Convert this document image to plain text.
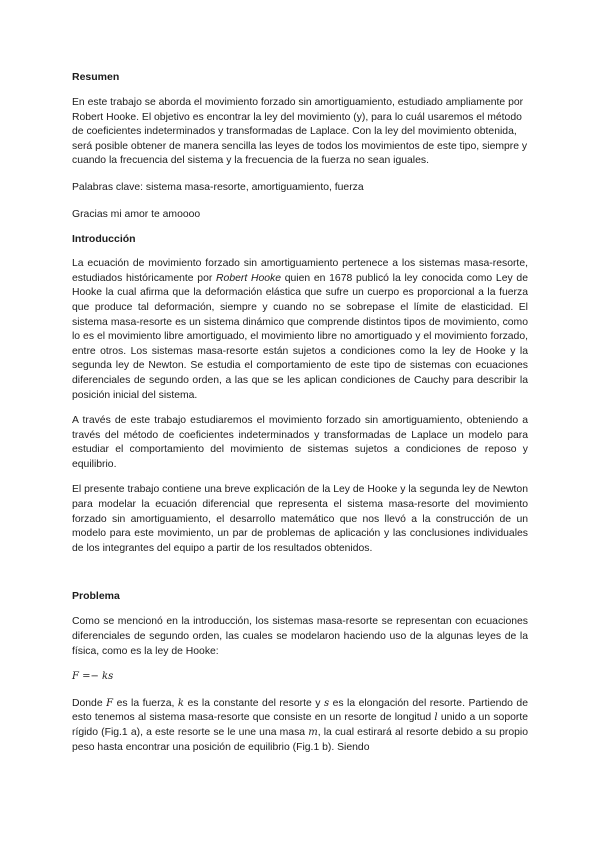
Resumen

En este trabajo se aborda el movimiento forzado sin amortiguamiento, estudiado ampliamente por Robert Hooke. El objetivo es encontrar la ley del movimiento (y), para lo cuál usaremos el método de coeficientes indeterminados y transformadas de Laplace. Con la ley del movimiento obtenida, será posible obtener de manera sencilla las leyes de todos los movimientos de este tipo, siempre y cuando la frecuencia del sistema y la frecuencia de la fuerza no sean iguales.

Palabras clave: sistema masa-resorte, amortiguamiento, fuerza

Gracias mi amor te amoooo

Introducción

La ecuación de movimiento forzado sin amortiguamiento pertenece a los sistemas masa-resorte, estudiados históricamente por Robert Hooke quien en 1678 publicó la ley conocida como Ley de Hooke la cual afirma que la deformación elástica que sufre un cuerpo es proporcional a la fuerza que produce tal deformación, siempre y cuando no se sobrepase el límite de elasticidad. El sistema masa-resorte es un sistema dinámico que comprende distintos tipos de movimiento, como lo es el movimiento libre amortiguado, el movimiento libre no amortiguado y el movimiento forzado, entre otros. Los sistemas masa-resorte están sujetos a condiciones como la ley de Hooke y la segunda ley de Newton. Se estudia el comportamiento de este tipo de sistemas con ecuaciones diferenciales de segundo orden, a las que se les aplican condiciones de Cauchy para describir la posición inicial del sistema.

A través de este trabajo estudiaremos el movimiento forzado sin amortiguamiento, obteniendo a través del método de coeficientes indeterminados y transformadas de Laplace un modelo para estudiar el comportamiento del movimiento de sistemas sujetos a condiciones de reposo y equilibrio.

El presente trabajo contiene una breve explicación de la Ley de Hooke y la segunda ley de Newton para modelar la ecuación diferencial que representa el sistema masa-resorte del movimiento forzado sin amortiguamiento, el desarrollo matemático que nos llevó a la construcción de un modelo para este movimiento, un par de problemas de aplicación y las conclusiones individuales de los integrantes del equipo a partir de los resultados obtenidos.

Problema

Como se mencionó en la introducción, los sistemas masa-resorte se representan con ecuaciones diferenciales de segundo orden, las cuales se modelaron haciendo uso de la algunas leyes de la física, como es la ley de Hooke:

F =− ks

Donde F es la fuerza, k es la constante del resorte y s es la elongación del resorte. Partiendo de esto tenemos al sistema masa-resorte que consiste en un resorte de longitud l unido a un soporte rígido (Fig.1 a), a este resorte se le une una masa m, la cual estirará al resorte debido a su propio peso hasta encontrar una posición de equilibrio (Fig.1 b). Siendo
